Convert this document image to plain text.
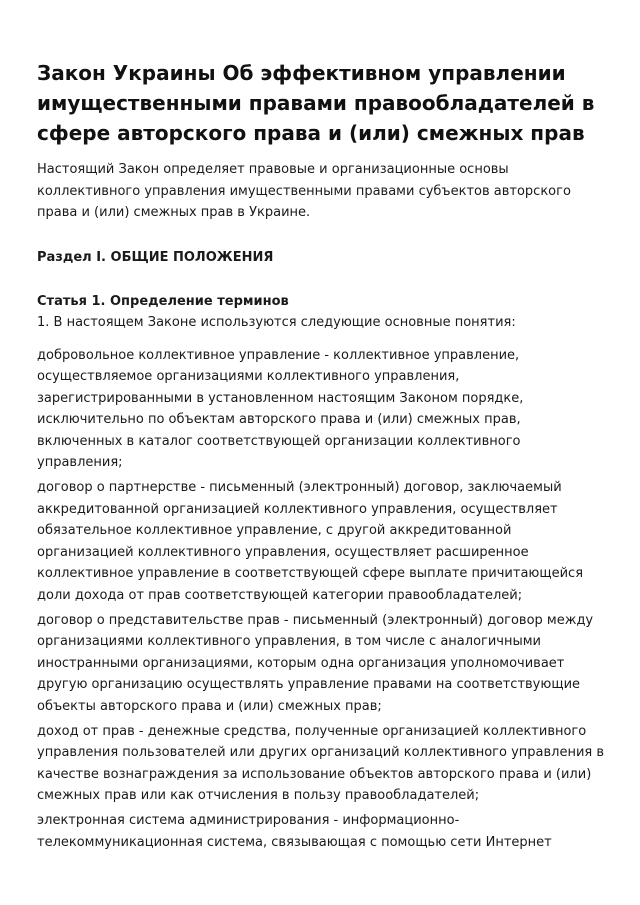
Закон Украины Об эффективном управлении
имущественными правами правообладателей в
сфере авторского права и (или) смежных прав
Настоящий Закон определяет правовые и организационные основы
коллективного управления имущественными правами субъектов авторского
права и (или) смежных прав в Украине.
Раздел I. ОБЩИЕ ПОЛОЖЕНИЯ
Статья 1. Определение терминов
1. В настоящем Законе используются следующие основные понятия:
добровольное коллективное управление - коллективное управление,
осуществляемое организациями коллективного управления,
зарегистрированными в установленном настоящим Законом порядке,
исключительно по объектам авторского права и (или) смежных прав,
включенных в каталог соответствующей организации коллективного
управления;
договор о партнерстве - письменный (электронный) договор, заключаемый
аккредитованной организацией коллективного управления, осуществляет
обязательное коллективное управление, с другой аккредитованной
организацией коллективного управления, осуществляет расширенное
коллективное управление в соответствующей сфере выплате причитающейся
доли дохода от прав соответствующей категории правообладателей;
договор о представительстве прав - письменный (электронный) договор между
организациями коллективного управления, в том числе с аналогичными
иностранными организациями, которым одна организация уполномочивает
другую организацию осуществлять управление правами на соответствующие
объекты авторского права и (или) смежных прав;
доход от прав - денежные средства, полученные организацией коллективного
управления пользователей или других организаций коллективного управления в
качестве вознаграждения за использование объектов авторского права и (или)
смежных прав или как отчисления в пользу правообладателей;
электронная система администрирования - информационно-
телекоммуникационная система, связывающая с помощью сети Интернет
